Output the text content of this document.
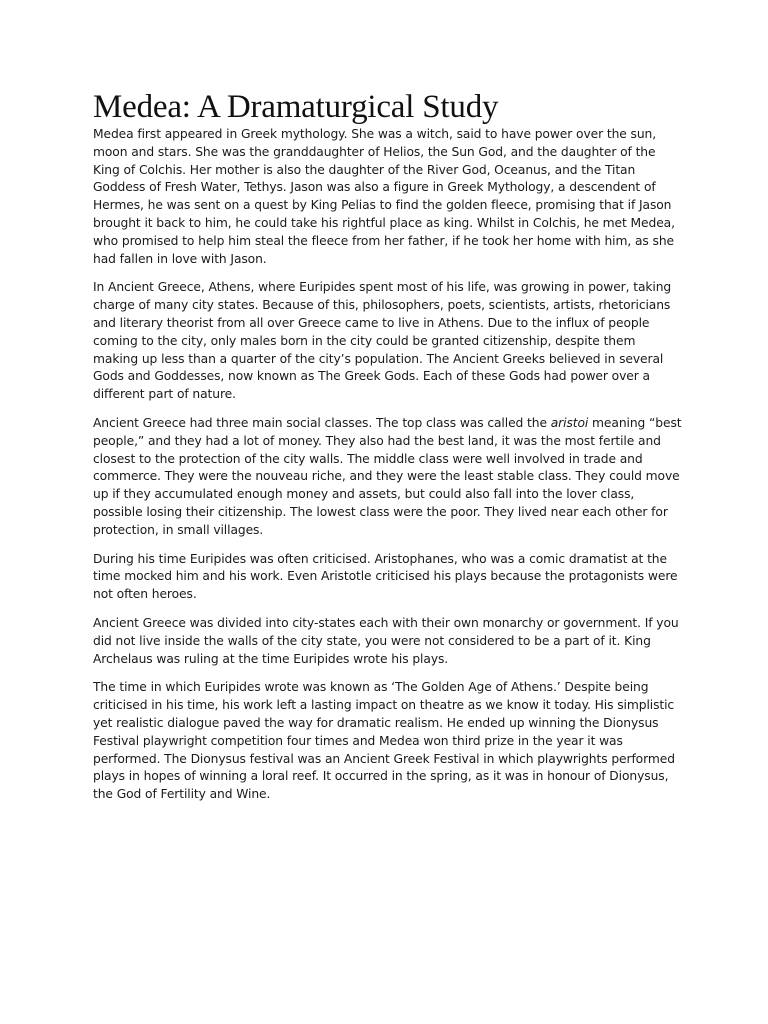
Medea: A Dramaturgical Study

Medea first appeared in Greek mythology. She was a witch, said to have power over the sun, moon and stars. She was the granddaughter of Helios, the Sun God, and the daughter of the King of Colchis. Her mother is also the daughter of the River God, Oceanus, and the Titan Goddess of Fresh Water, Tethys. Jason was also a figure in Greek Mythology, a descendent of Hermes, he was sent on a quest by King Pelias to find the golden fleece, promising that if Jason brought it back to him, he could take his rightful place as king. Whilst in Colchis, he met Medea, who promised to help him steal the fleece from her father, if he took her home with him, as she had fallen in love with Jason.

In Ancient Greece, Athens, where Euripides spent most of his life, was growing in power, taking charge of many city states. Because of this, philosophers, poets, scientists, artists, rhetoricians and literary theorist from all over Greece came to live in Athens. Due to the influx of people coming to the city, only males born in the city could be granted citizenship, despite them making up less than a quarter of the city’s population. The Ancient Greeks believed in several Gods and Goddesses, now known as The Greek Gods. Each of these Gods had power over a different part of nature.

Ancient Greece had three main social classes. The top class was called the aristoi meaning “best people,” and they had a lot of money. They also had the best land, it was the most fertile and closest to the protection of the city walls. The middle class were well involved in trade and commerce. They were the nouveau riche, and they were the least stable class. They could move up if they accumulated enough money and assets, but could also fall into the lover class, possible losing their citizenship. The lowest class were the poor. They lived near each other for protection, in small villages.

During his time Euripides was often criticised. Aristophanes, who was a comic dramatist at the time mocked him and his work. Even Aristotle criticised his plays because the protagonists were not often heroes.

Ancient Greece was divided into city-states each with their own monarchy or government. If you did not live inside the walls of the city state, you were not considered to be a part of it. King Archelaus was ruling at the time Euripides wrote his plays.

The time in which Euripides wrote was known as ‘The Golden Age of Athens.’ Despite being criticised in his time, his work left a lasting impact on theatre as we know it today. His simplistic yet realistic dialogue paved the way for dramatic realism. He ended up winning the Dionysus Festival playwright competition four times and Medea won third prize in the year it was performed. The Dionysus festival was an Ancient Greek Festival in which playwrights performed plays in hopes of winning a loral reef. It occurred in the spring, as it was in honour of Dionysus, the God of Fertility and Wine.
